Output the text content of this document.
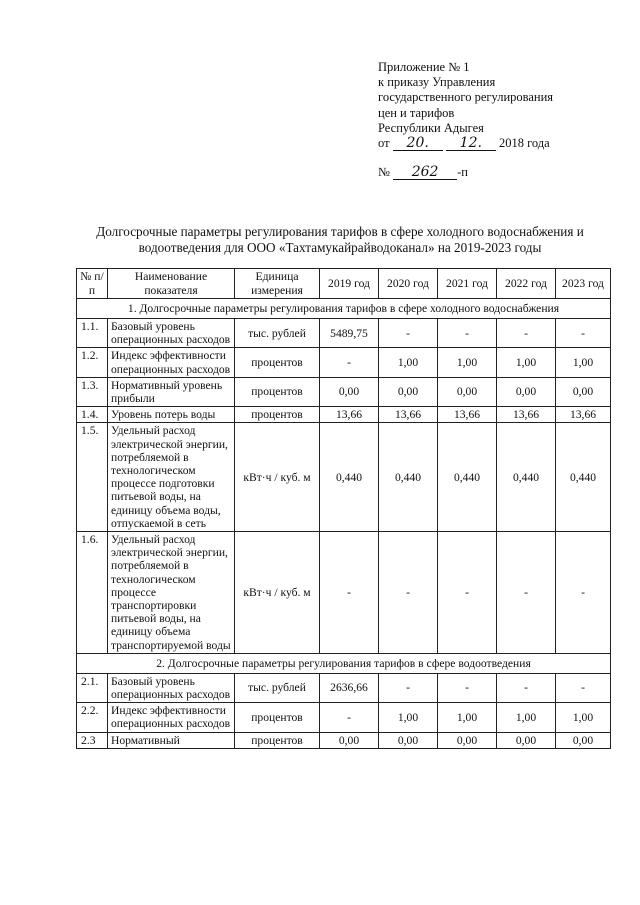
Приложение № 1
к приказу Управления
государственного регулирования
цен и тарифов
Республики Адыгея
от 20. 12. 2018 года
№ 262 -п
Долгосрочные параметры регулирования тарифов в сфере холодного водоснабжения и
водоотведения для ООО «Тахтамукайрайводоканал» на 2019-2023 годы
№ п/п	Наименование показателя	Единица измерения	2019 год	2020 год	2021 год	2022 год	2023 год
1. Долгосрочные параметры регулирования тарифов в сфере холодного водоснабжения							
1.1.	Базовый уровень операционных расходов	тыс. рублей	5489,75	-	-	-	-
1.2.	Индекс эффективности операционных расходов	процентов	-	1,00	1,00	1,00	1,00
1.3.	Нормативный уровень прибыли	процентов	0,00	0,00	0,00	0,00	0,00
1.4.	Уровень потерь воды	процентов	13,66	13,66	13,66	13,66	13,66
1.5.	Удельный расход электрической энергии, потребляемой в технологическом процессе подготовки питьевой воды, на единицу объема воды, отпускаемой в сеть	кВт·ч / куб. м	0,440	0,440	0,440	0,440	0,440
1.6.	Удельный расход электрической энергии, потребляемой в технологическом процессе транспортировки питьевой воды, на единицу объема транспортируемой воды	кВт·ч / куб. м	-	-	-	-	-
2. Долгосрочные параметры регулирования тарифов в сфере водоотведения							
2.1.	Базовый уровень операционных расходов	тыс. рублей	2636,66	-	-	-	-
2.2.	Индекс эффективности операционных расходов	процентов	-	1,00	1,00	1,00	1,00
2.3	Нормативный	процентов	0,00	0,00	0,00	0,00	0,00
